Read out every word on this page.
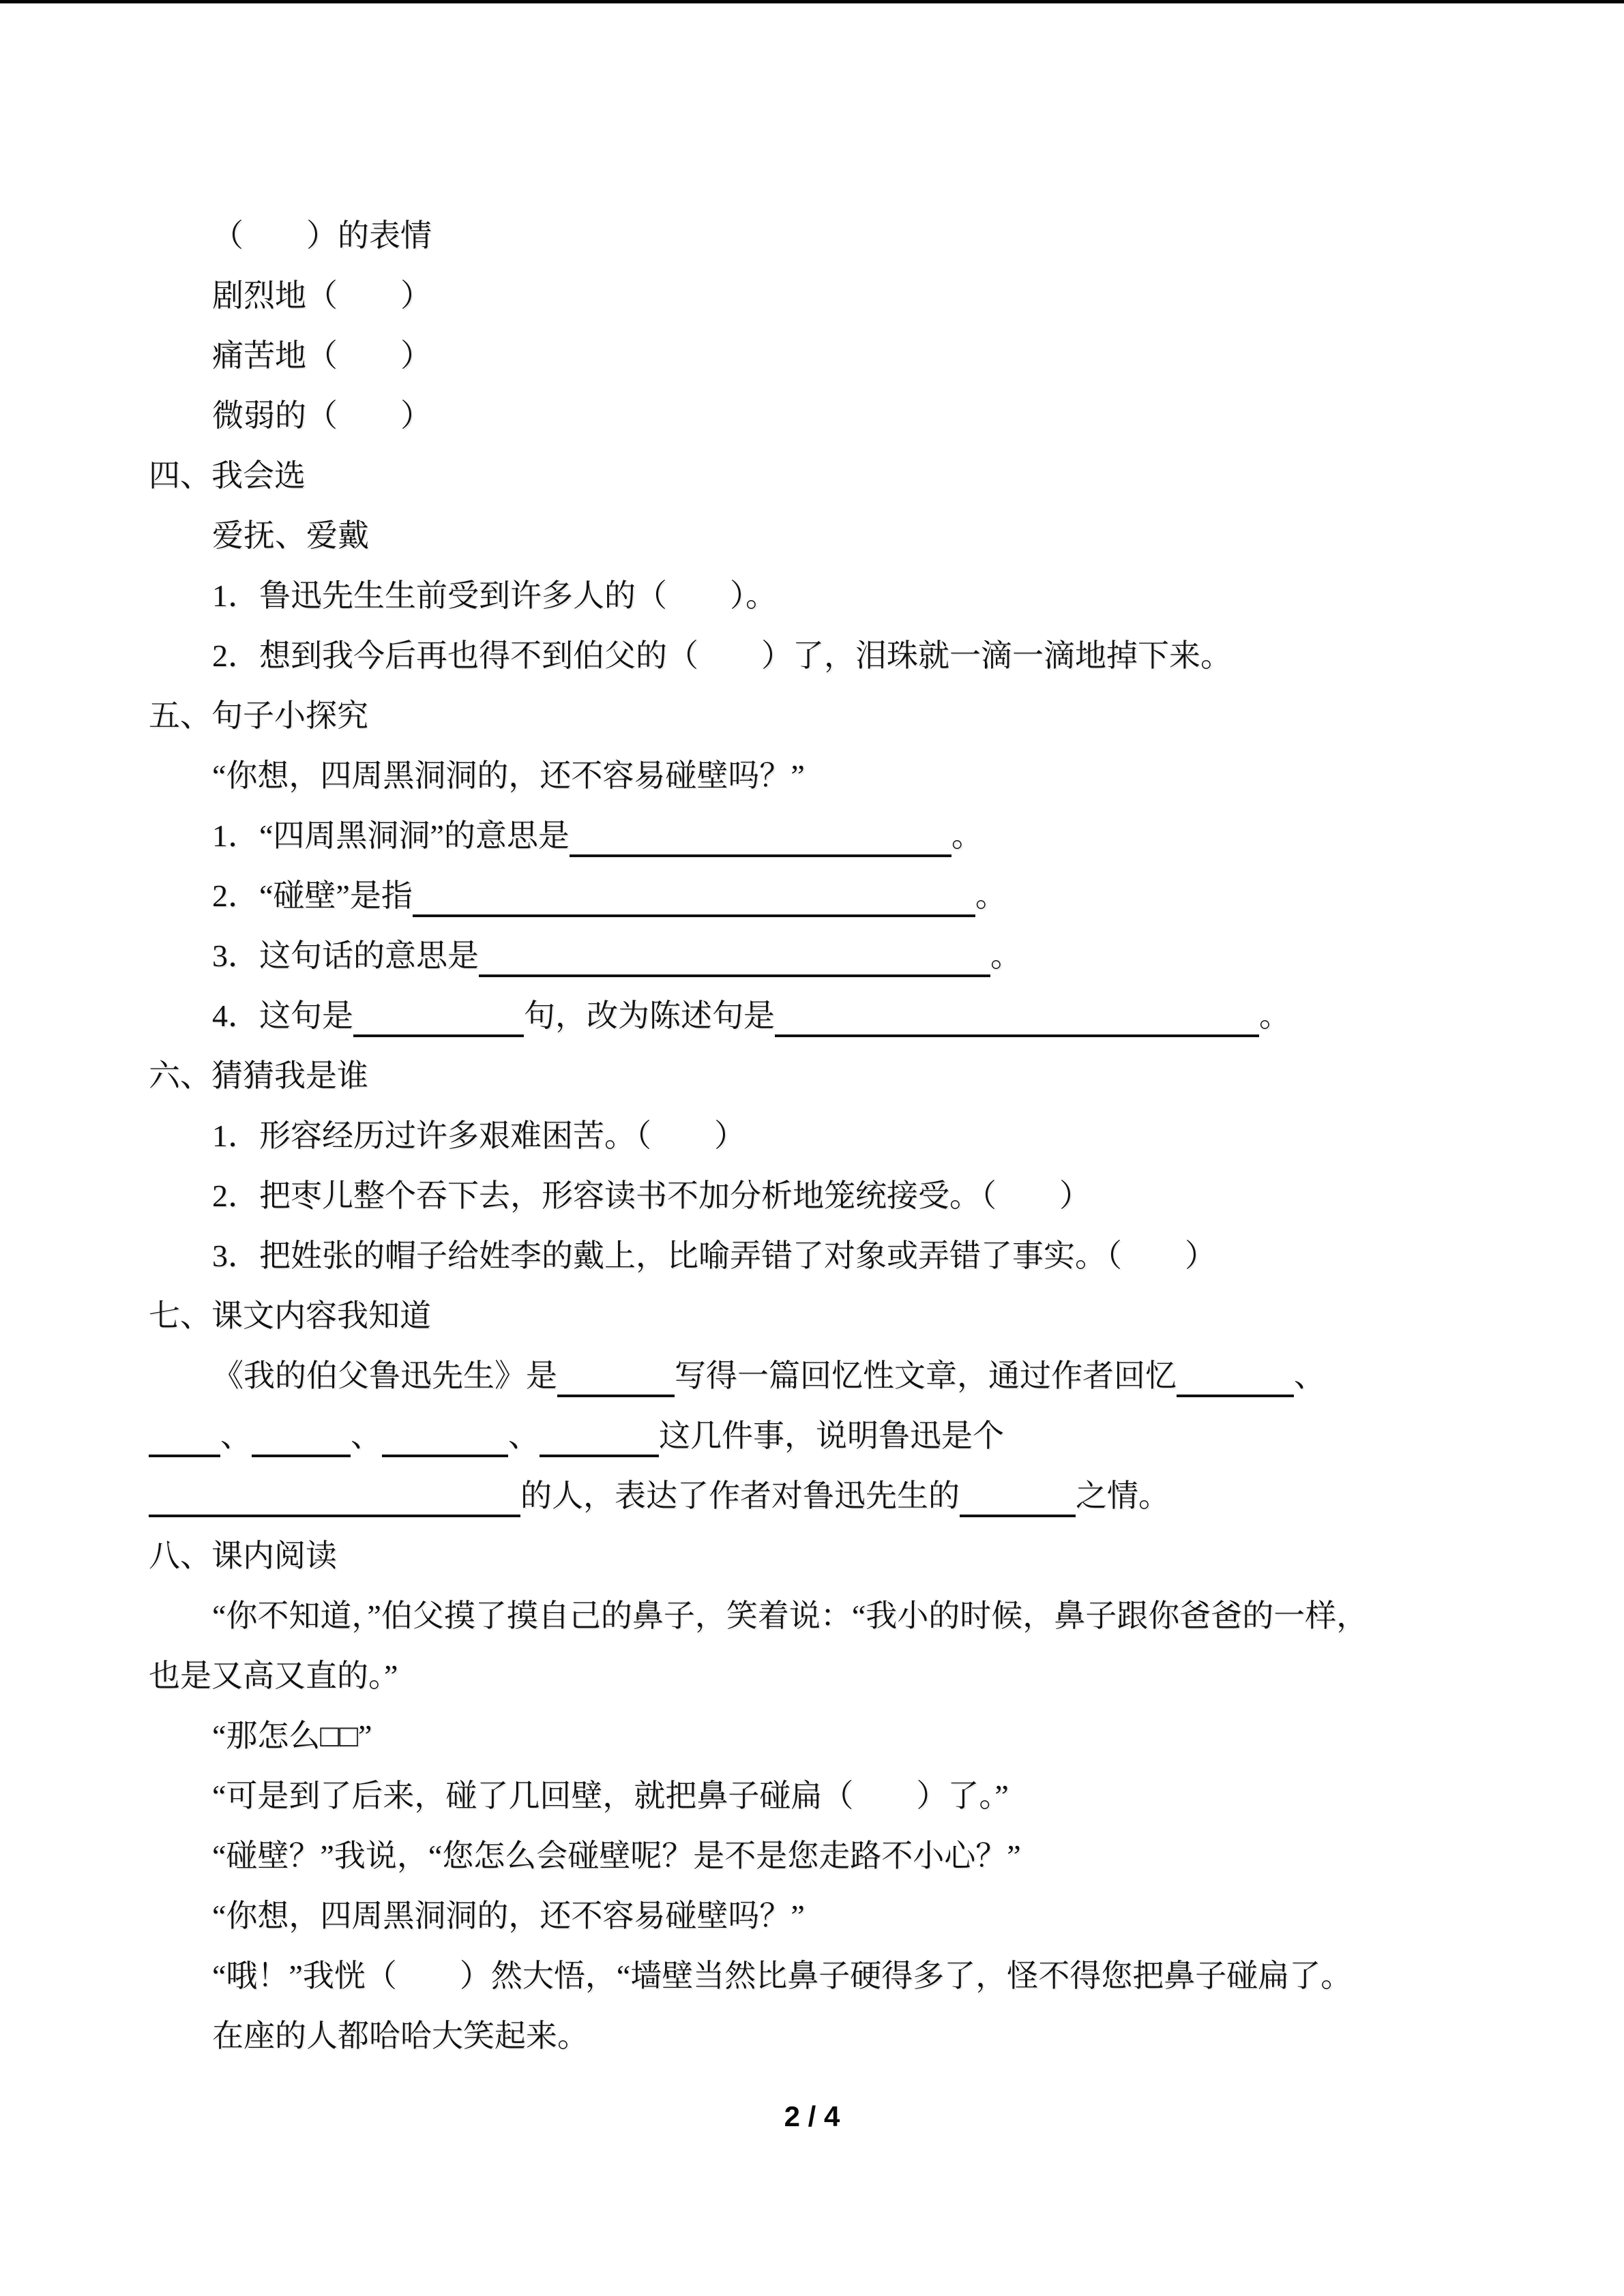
（　　）的表情
剧烈地（　　）
痛苦地（　　）
微弱的（　　）
四、我会选
爱抚、爱戴
1．鲁迅先生生前受到许多人的（　　）。
2．想到我今后再也得不到伯父的（　　）了，泪珠就一滴一滴地掉下来。
五、句子小探究
“你想，四周黑洞洞的，还不容易碰壁吗？”
1．“四周黑洞洞”的意思是	。
2．“碰壁”是指	。
3．这句话的意思是	。
4．这句是	句，改为陈述句是	。
六、猜猜我是谁
1．形容经历过许多艰难困苦。（　　）
2．把枣儿整个吞下去，形容读书不加分析地笼统接受。（　　）
3．把姓张的帽子给姓李的戴上，比喻弄错了对象或弄错了事实。（　　）
七、课文内容我知道
《我的伯父鲁迅先生》是	写得一篇回忆性文章，通过作者回忆	、
、	、	、	这几件事，说明鲁迅是个
的人，表达了作者对鲁迅先生的	之情。
八、课内阅读
“你不知道，”伯父摸了摸自己的鼻子，笑着说：“我小的时候，鼻子跟你爸爸的一样，
也是又高又直的。”
“那怎么□□”
“可是到了后来，碰了几回壁，就把鼻子碰扁（　　）了。”
“碰壁？”我说，“您怎么会碰壁呢？是不是您走路不小心？”
“你想，四周黑洞洞的，还不容易碰壁吗？”
“哦！”我恍（　　）然大悟，“墙壁当然比鼻子硬得多了，怪不得您把鼻子碰扁了。
在座的人都哈哈大笑起来。
2 / 4
